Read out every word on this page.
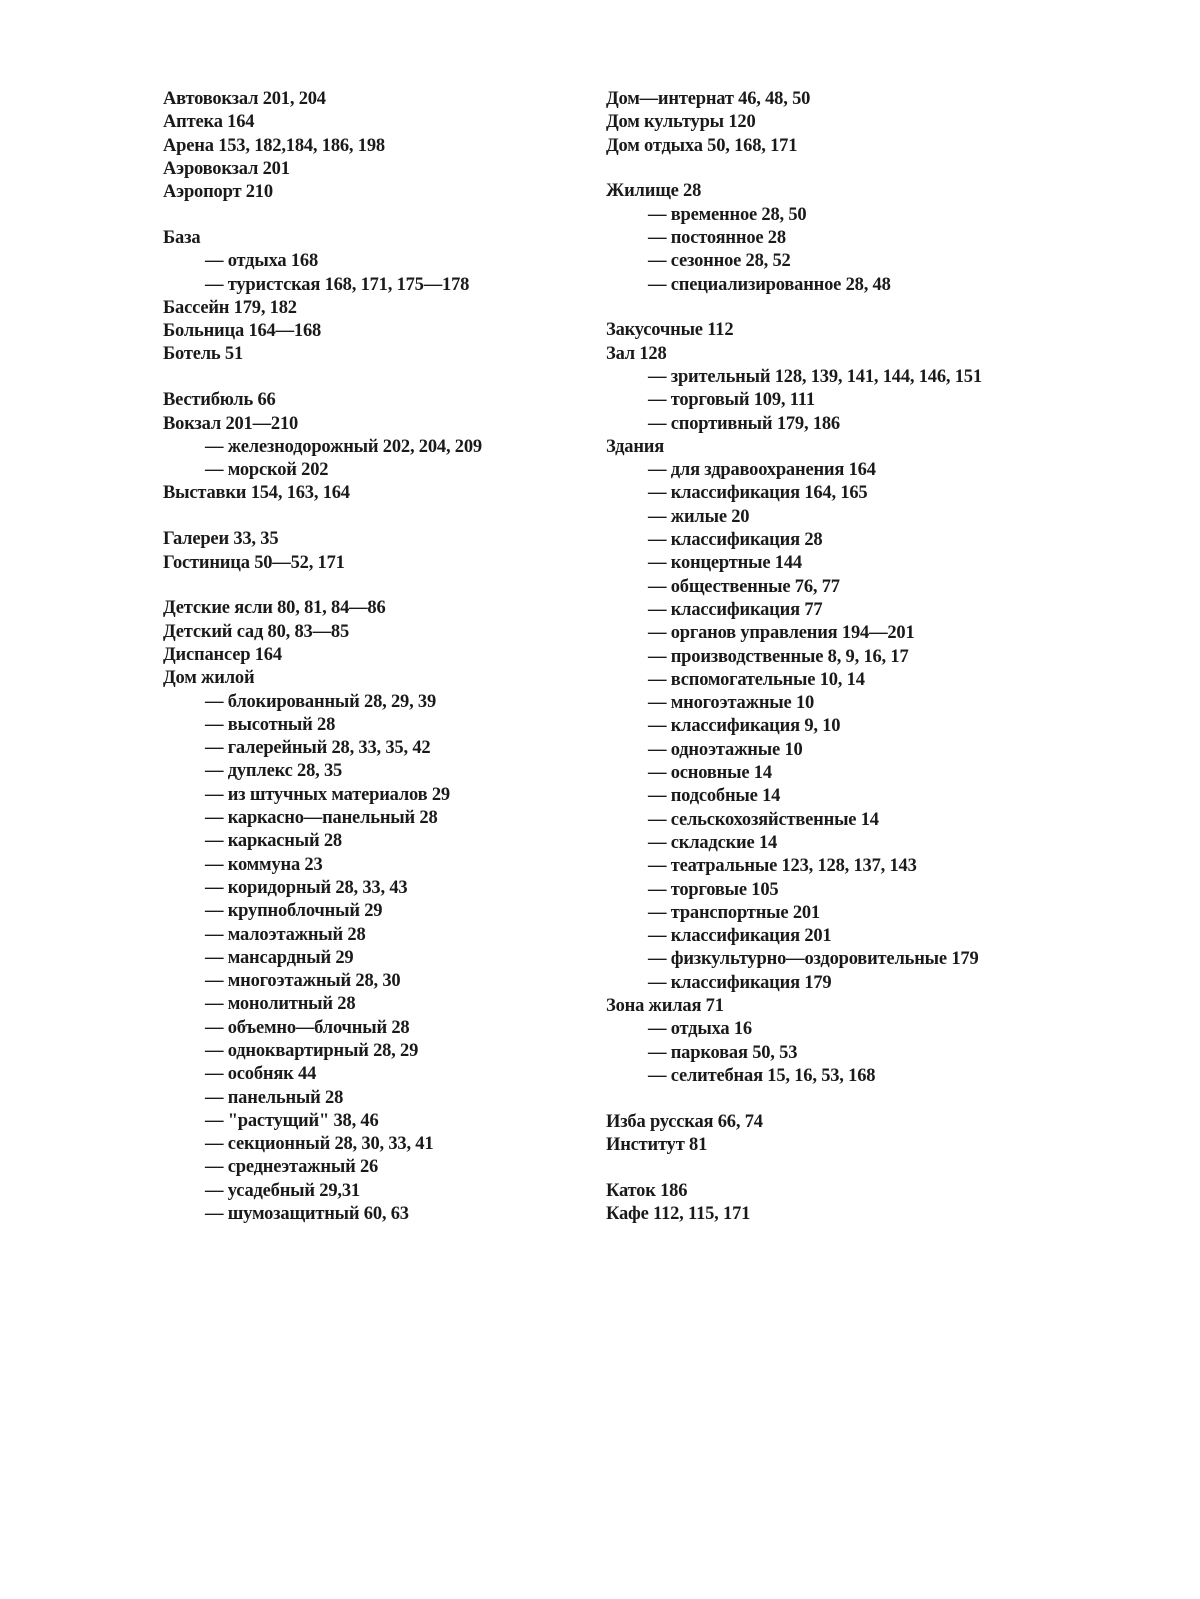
Автовокзал 201, 204
Аптека 164
Арена 153, 182,184, 186, 198
Аэровокзал 201
Аэропорт 210
База
— отдыха 168
— туристская 168, 171, 175—178
Бассейн 179, 182
Больница 164—168
Ботель 51
Вестибюль 66
Вокзал 201—210
— железнодорожный 202, 204, 209
— морской 202
Выставки 154, 163, 164
Галереи 33, 35
Гостиница 50—52, 171
Детские ясли 80, 81, 84—86
Детский сад 80, 83—85
Диспансер 164
Дом жилой
— блокированный 28, 29, 39
— высотный 28
— галерейный 28, 33, 35, 42
— дуплекс 28, 35
— из штучных материалов 29
— каркасно—панельный 28
— каркасный 28
— коммуна 23
— коридорный 28, 33, 43
— крупноблочный 29
— малоэтажный 28
— мансардный 29
— многоэтажный 28, 30
— монолитный 28
— объемно—блочный 28
— одноквартирный 28, 29
— особняк 44
— панельный 28
— "растущий" 38, 46
— секционный 28, 30, 33, 41
— среднеэтажный 26
— усадебный 29,31
— шумозащитный 60, 63
Дом—интернат 46, 48, 50
Дом культуры 120
Дом отдыха 50, 168, 171
Жилище 28
— временное 28, 50
— постоянное 28
— сезонное 28, 52
— специализированное 28, 48
Закусочные 112
Зал 128
— зрительный 128, 139, 141, 144, 146, 151
— торговый 109, 111
— спортивный 179, 186
Здания
— для здравоохранения 164
— классификация 164, 165
— жилые 20
— классификация 28
— концертные 144
— общественные 76, 77
— классификация 77
— органов управления 194—201
— производственные 8, 9, 16, 17
— вспомогательные 10, 14
— многоэтажные 10
— классификация 9, 10
— одноэтажные 10
— основные 14
— подсобные 14
— сельскохозяйственные 14
— складские 14
— театральные 123, 128, 137, 143
— торговые 105
— транспортные 201
— классификация 201
— физкультурно—оздоровительные 179
— классификация 179
Зона жилая 71
— отдыха 16
— парковая 50, 53
— селитебная 15, 16, 53, 168
Изба русская 66, 74
Институт 81
Каток 186
Кафе 112, 115, 171
